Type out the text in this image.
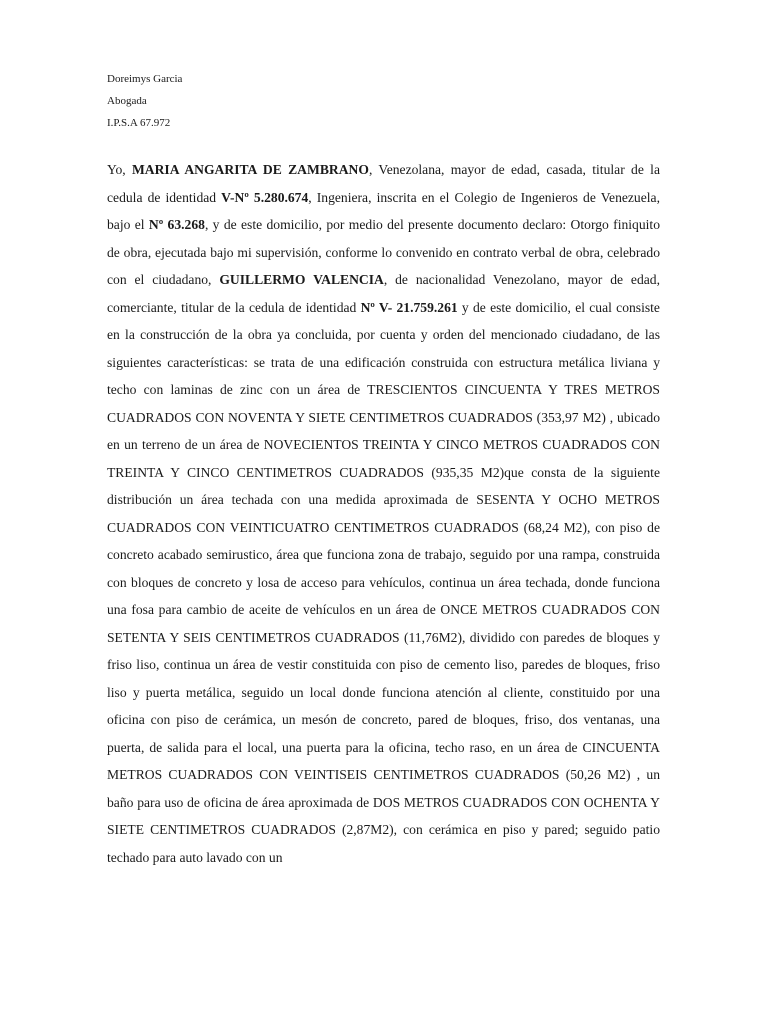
Doreimys Garcia
Abogada
I.P.S.A 67.972

Yo, MARIA ANGARITA DE ZAMBRANO, Venezolana, mayor de edad, casada, titular de la cedula de identidad V-Nº 5.280.674, Ingeniera, inscrita en el Colegio de Ingenieros de Venezuela, bajo el Nº 63.268, y de este domicilio, por medio del presente documento declaro: Otorgo finiquito de obra, ejecutada bajo mi supervisión, conforme lo convenido en contrato verbal de obra, celebrado con el ciudadano, GUILLERMO VALENCIA, de nacionalidad Venezolano, mayor de edad, comerciante, titular de la cedula de identidad Nº V- 21.759.261 y de este domicilio, el cual consiste en la construcción de la obra ya concluida, por cuenta y orden del mencionado ciudadano, de las siguientes características: se trata de una edificación construida con estructura metálica liviana y techo con laminas de zinc con un área de TRESCIENTOS CINCUENTA Y TRES METROS CUADRADOS CON NOVENTA Y SIETE CENTIMETROS CUADRADOS (353,97 M2) , ubicado en un terreno de un área de NOVECIENTOS TREINTA Y CINCO METROS CUADRADOS CON TREINTA Y CINCO CENTIMETROS CUADRADOS (935,35 M2)que consta de la siguiente distribución un área techada con una medida aproximada de SESENTA Y OCHO METROS CUADRADOS CON VEINTICUATRO CENTIMETROS CUADRADOS (68,24 M2), con piso de concreto acabado semirustico, área que funciona zona de trabajo, seguido por una rampa, construida con bloques de concreto y losa de acceso para vehículos, continua un área techada, donde funciona una fosa para cambio de aceite de vehículos en un área de ONCE METROS CUADRADOS CON SETENTA Y SEIS CENTIMETROS CUADRADOS (11,76M2), dividido con paredes de bloques y friso liso, continua un área de vestir constituida con piso de cemento liso, paredes de bloques, friso liso y puerta metálica, seguido un local donde funciona atención al cliente, constituido por una oficina con piso de cerámica, un mesón de concreto, pared de bloques, friso, dos ventanas, una puerta, de salida para el local, una puerta para la oficina, techo raso, en un área de CINCUENTA METROS CUADRADOS CON VEINTISEIS CENTIMETROS CUADRADOS (50,26 M2) , un baño para uso de oficina de área aproximada de DOS METROS CUADRADOS CON OCHENTA Y SIETE CENTIMETROS CUADRADOS (2,87M2), con cerámica en piso y pared; seguido patio techado para auto lavado con un
